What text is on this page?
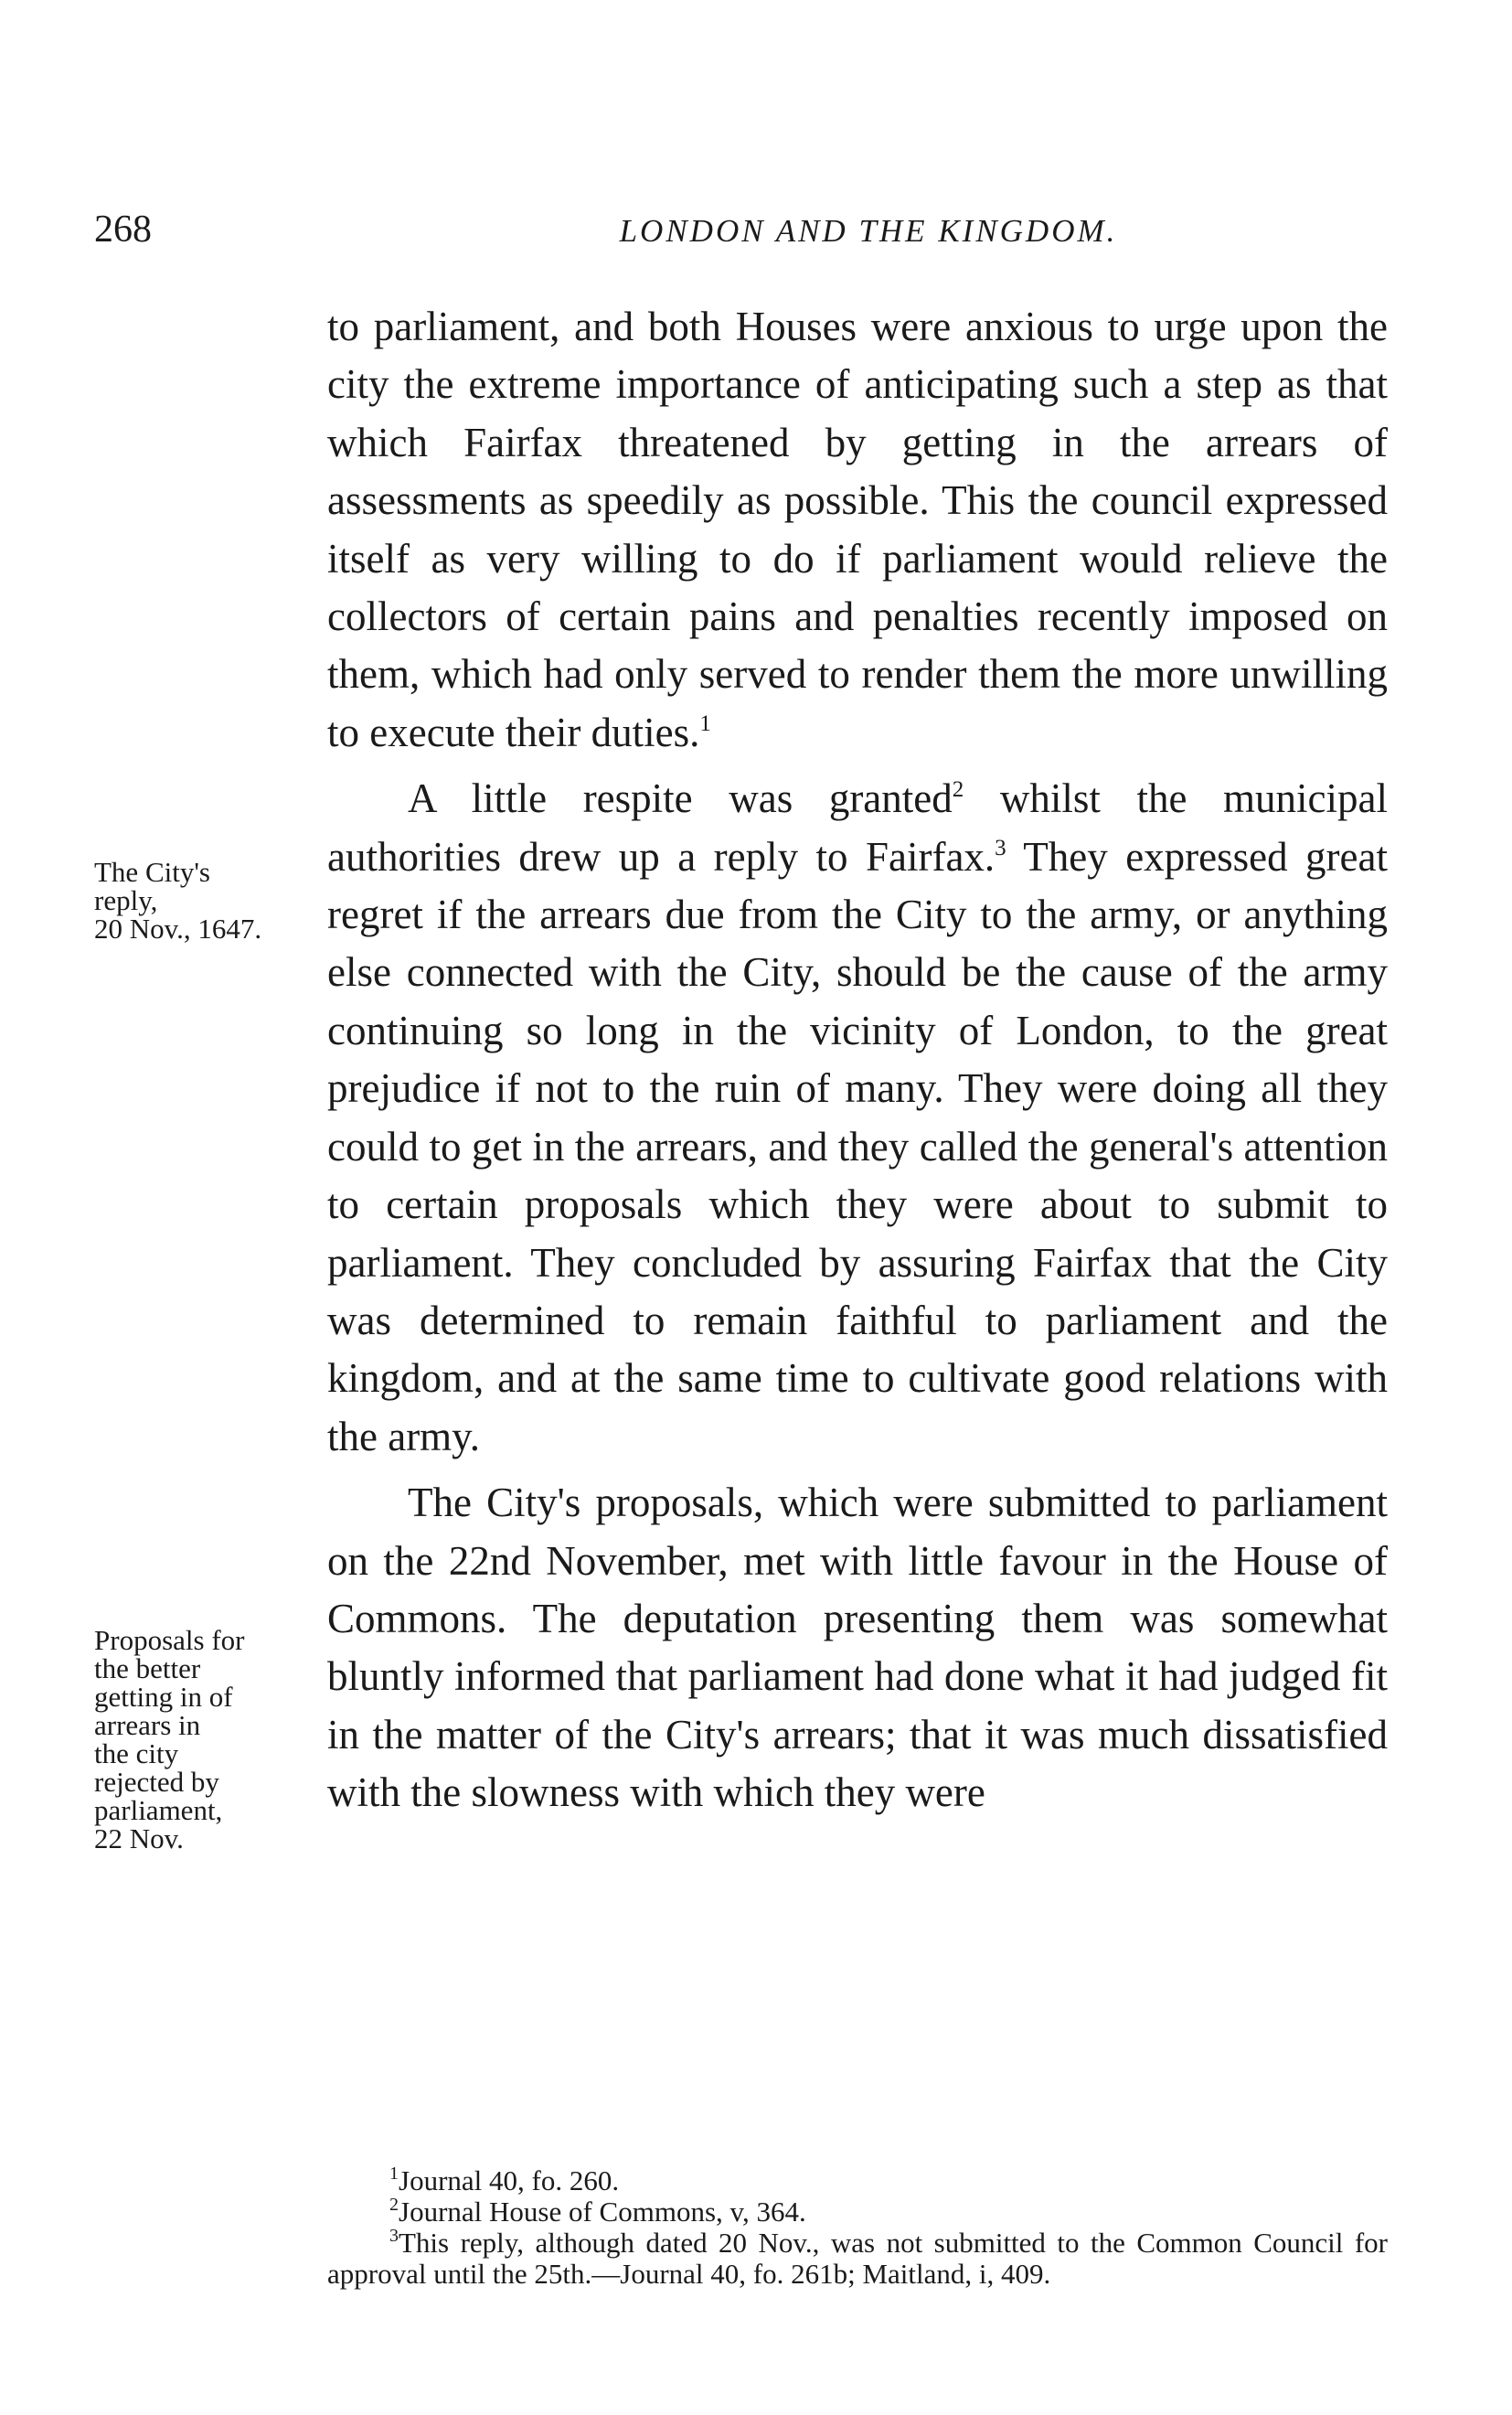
268	LONDON AND THE KINGDOM.
The City's
reply,
20 Nov., 1647.
Proposals for
the better
getting in of
arrears in
the city
rejected by
parliament,
22 Nov.

to parliament, and both Houses were anxious to urge upon the city the extreme importance of anticipating such a step as that which Fairfax threatened by getting in the arrears of assessments as speedily as possible. This the council expressed itself as very willing to do if parliament would relieve the collectors of certain pains and penalties recently imposed on them, which had only served to render them the more unwilling to execute their duties.$^1$

A little respite was granted$^2$ whilst the municipal authorities drew up a reply to Fairfax.$^3$ They expressed great regret if the arrears due from the City to the army, or anything else connected with the City, should be the cause of the army continuing so long in the vicinity of London, to the great prejudice if not to the ruin of many. They were doing all they could to get in the arrears, and they called the general's attention to certain proposals which they were about to submit to parliament. They concluded by assuring Fairfax that the City was determined to remain faithful to parliament and the kingdom, and at the same time to cultivate good relations with the army.

The City's proposals, which were submitted to parliament on the 22nd November, met with little favour in the House of Commons. The deputation presenting them was somewhat bluntly informed that parliament had done what it had judged fit in the matter of the City's arrears; that it was much dissatisfied with the slowness with which they were

$^1$Journal 40, fo. 260.

$^2$Journal House of Commons, v, 364.

$^3$This reply, although dated 20 Nov., was not submitted to the Common Council for approval until the 25th.—Journal 40, fo. 261b; Maitland, i, 409.
